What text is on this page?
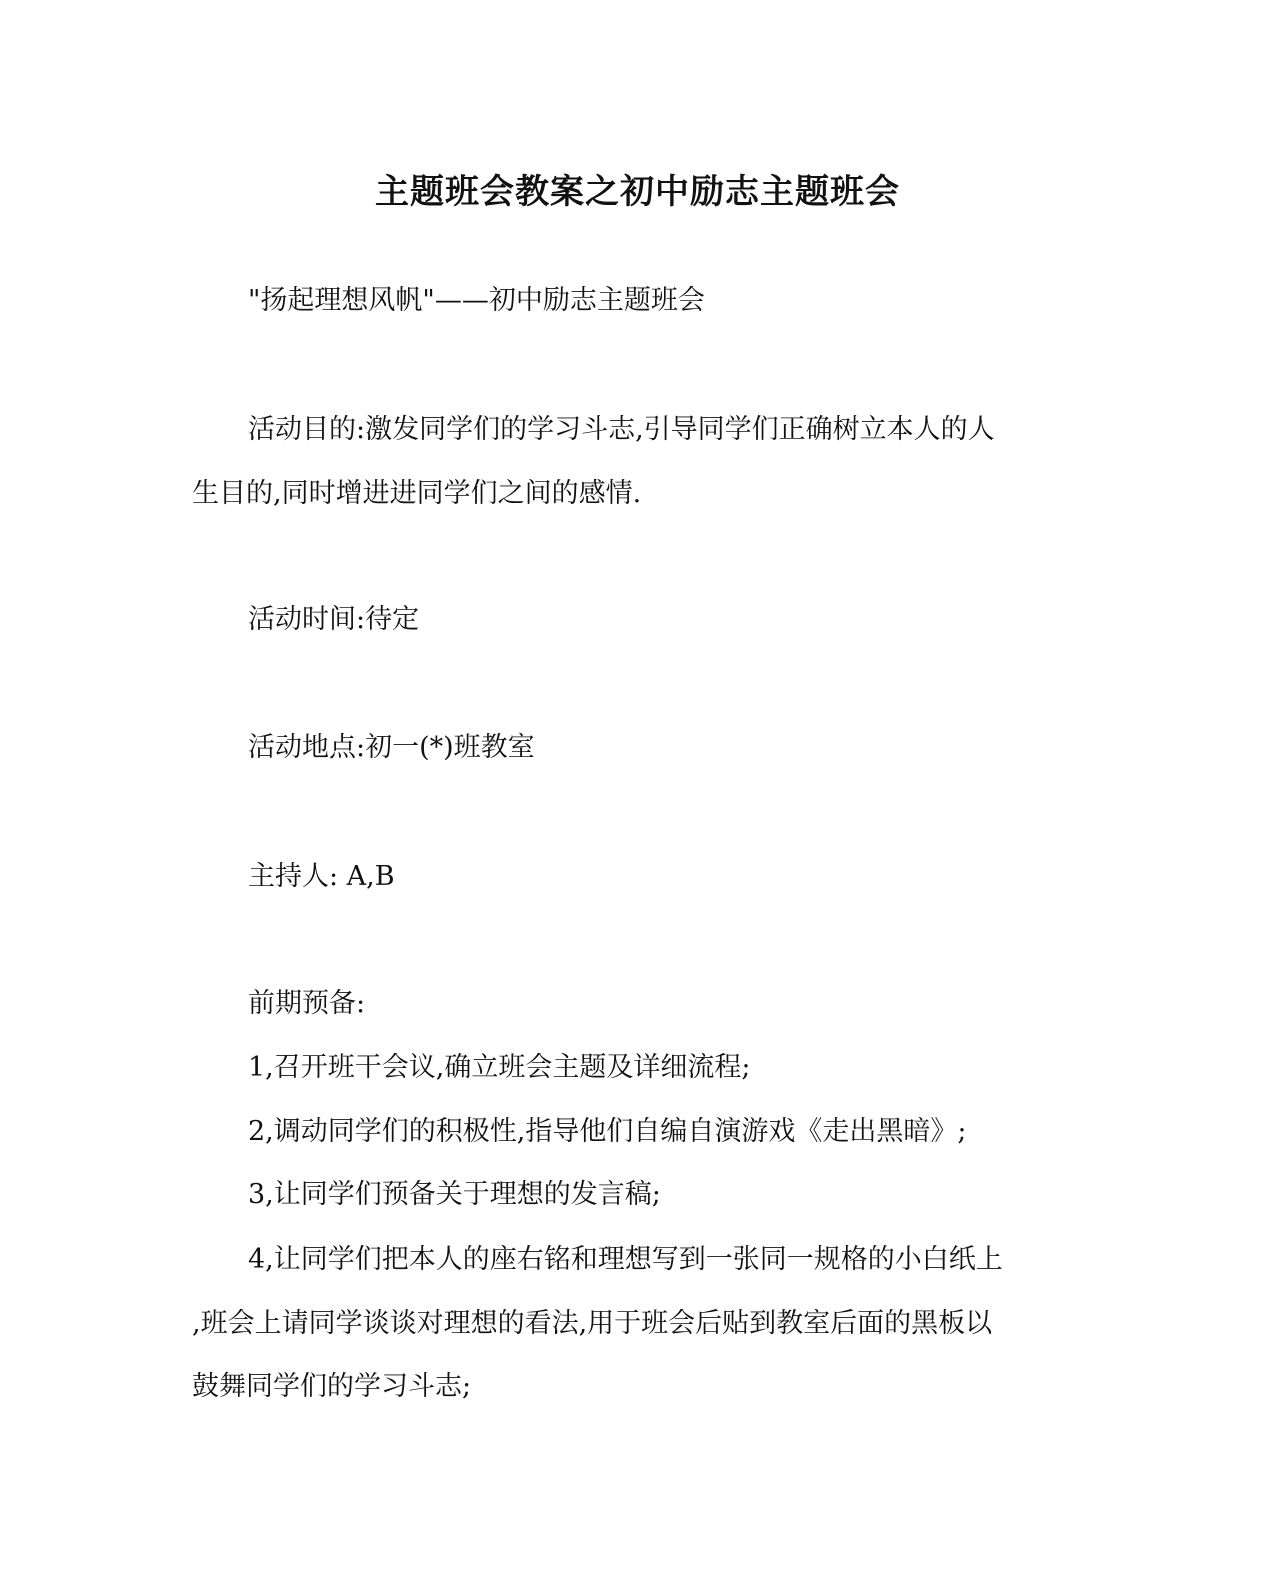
主题班会教案之初中励志主题班会
"扬起理想风帆"——初中励志主题班会
活动目的:激发同学们的学习斗志,引导同学们正确树立本人的人
生目的,同时增进进同学们之间的感情.
活动时间:待定
活动地点:初一(*)班教室
主持人: A,B
前期预备:
1,召开班干会议,确立班会主题及详细流程;
2,调动同学们的积极性,指导他们自编自演游戏《走出黑暗》;
3,让同学们预备关于理想的发言稿;
4,让同学们把本人的座右铭和理想写到一张同一规格的小白纸上
,班会上请同学谈谈对理想的看法,用于班会后贴到教室后面的黑板以
鼓舞同学们的学习斗志;
